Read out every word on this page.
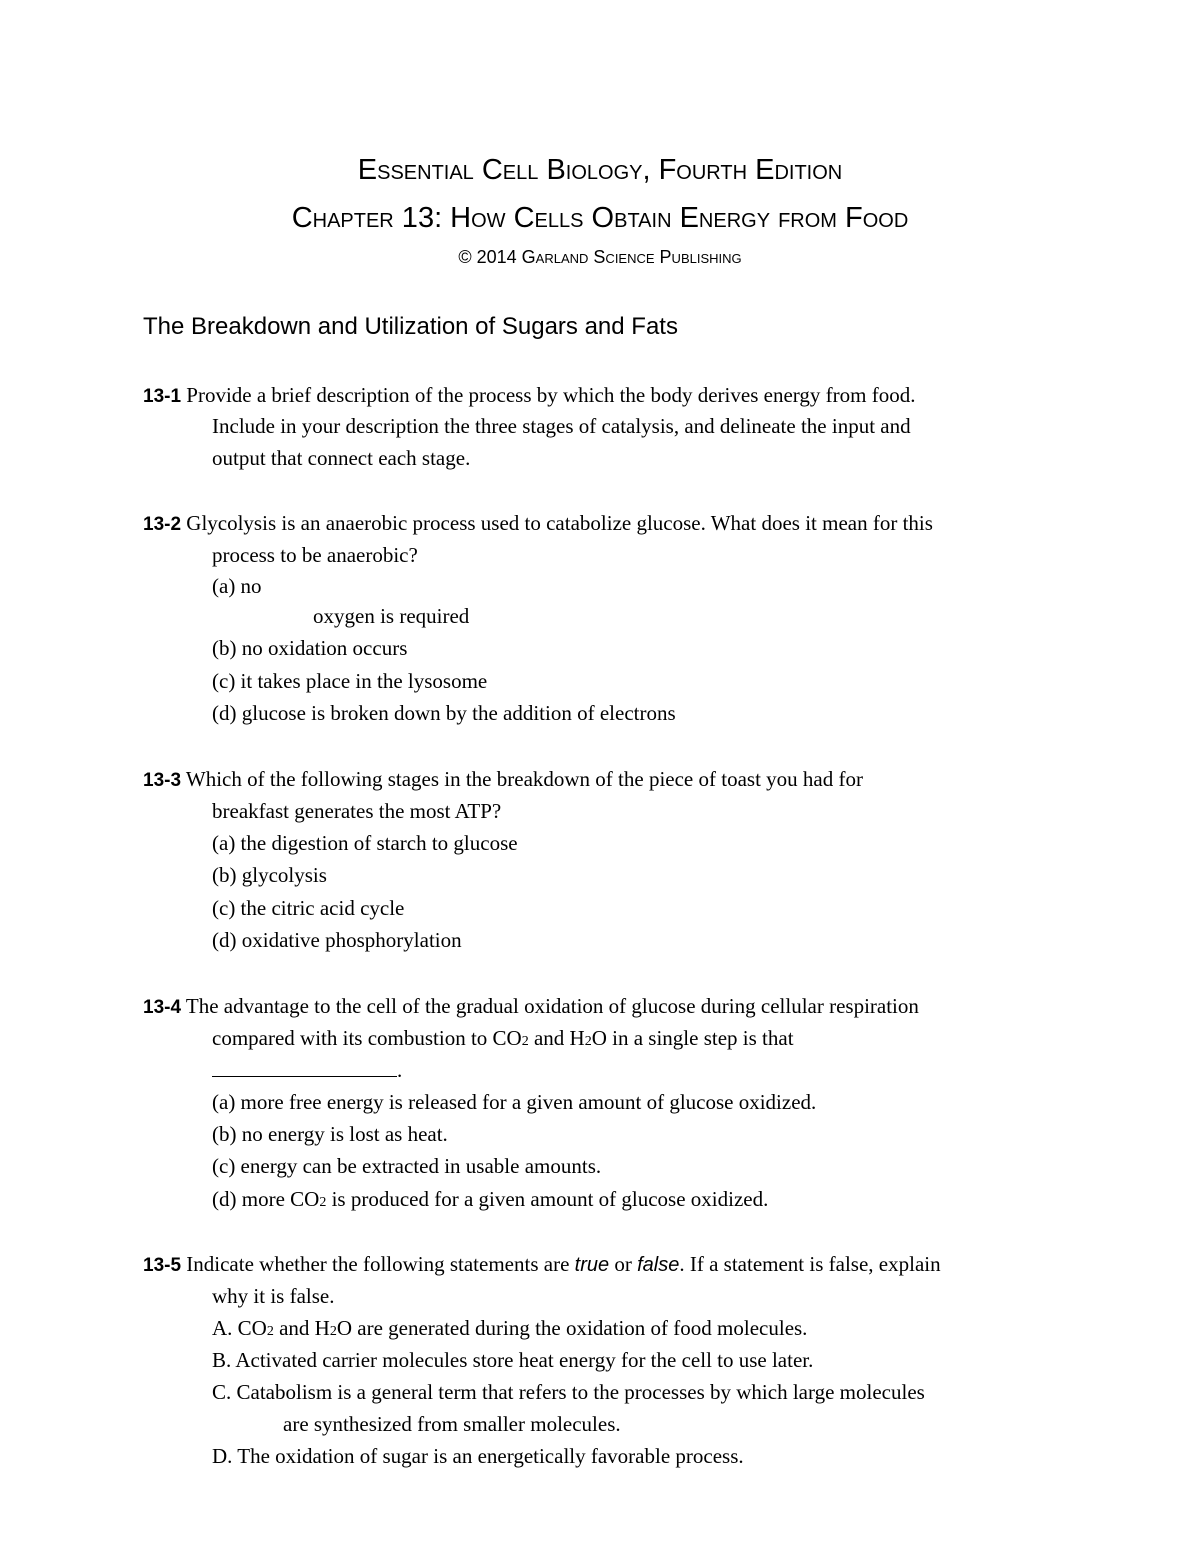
Essential Cell Biology, Fourth Edition
Chapter 13: How Cells Obtain Energy from Food
© 2014 Garland Science Publishing
The Breakdown and Utilization of Sugars and Fats
13-1 Provide a brief description of the process by which the body derives energy from food.
Include in your description the three stages of catalysis, and delineate the input and
output that connect each stage.
13-2 Glycolysis is an anaerobic process used to catabolize glucose. What does it mean for this
process to be anaerobic?
(a) no
oxygen is required
(b) no oxidation occurs
(c) it takes place in the lysosome
(d) glucose is broken down by the addition of electrons
13-3 Which of the following stages in the breakdown of the piece of toast you had for
breakfast generates the most ATP?
(a) the digestion of starch to glucose
(b) glycolysis
(c) the citric acid cycle
(d) oxidative phosphorylation
13-4 The advantage to the cell of the gradual oxidation of glucose during cellular respiration
compared with its combustion to CO2 and H2O in a single step is that
.
(a) more free energy is released for a given amount of glucose oxidized.
(b) no energy is lost as heat.
(c) energy can be extracted in usable amounts.
(d) more CO2 is produced for a given amount of glucose oxidized.
13-5 Indicate whether the following statements are true or false. If a statement is false, explain
why it is false.
A. CO2 and H2O are generated during the oxidation of food molecules.
B. Activated carrier molecules store heat energy for the cell to use later.
C. Catabolism is a general term that refers to the processes by which large molecules
are synthesized from smaller molecules.
D. The oxidation of sugar is an energetically favorable process.
